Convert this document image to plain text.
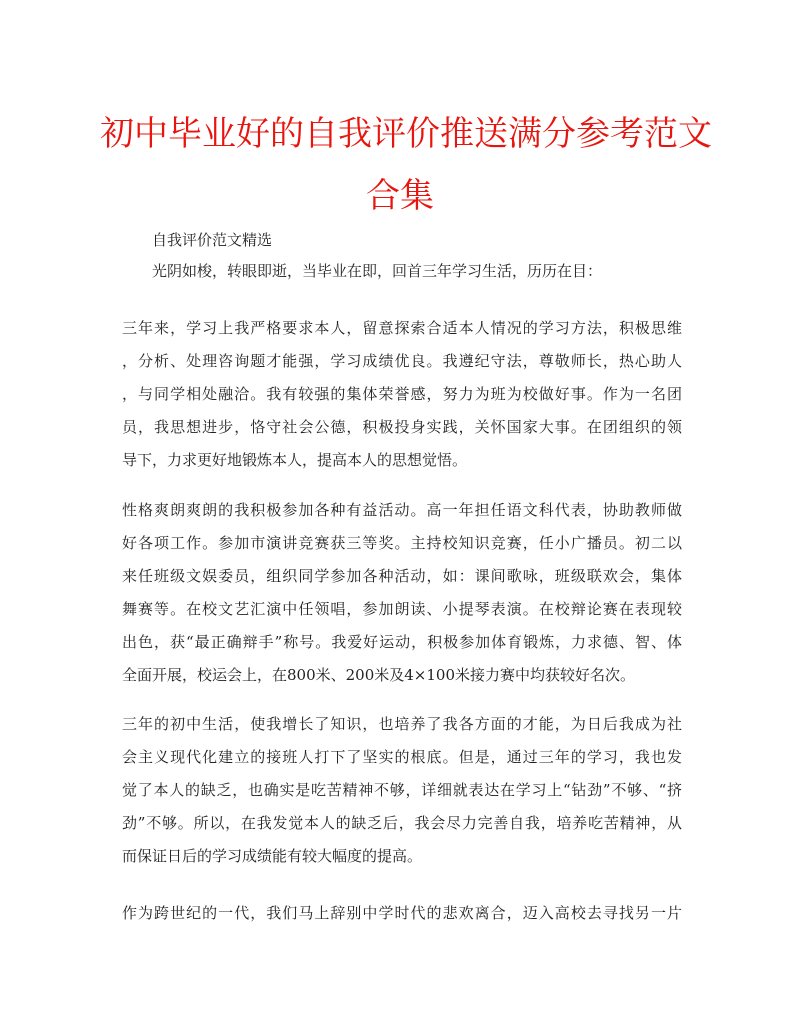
初中毕业好的自我评价推送满分参考范文
合集
自我评价范文精选
光阴如梭，转眼即逝，当毕业在即，回首三年学习生活，历历在目：
三年来，学习上我严格要求本人，留意探索合适本人情况的学习方法，积极思维
，分析、处理咨询题才能强，学习成绩优良。我遵纪守法，尊敬师长，热心助人
，与同学相处融洽。我有较强的集体荣誉感，努力为班为校做好事。作为一名团
员，我思想进步，恪守社会公德，积极投身实践，关怀国家大事。在团组织的领
导下，力求更好地锻炼本人，提高本人的思想觉悟。
性格爽朗爽朗的我积极参加各种有益活动。高一年担任语文科代表，协助教师做
好各项工作。参加市演讲竞赛获三等奖。主持校知识竞赛，任小广播员。初二以
来任班级文娱委员，组织同学参加各种活动，如：课间歌咏，班级联欢会，集体
舞赛等。在校文艺汇演中任领唱，参加朗读、小提琴表演。在校辩论赛在表现较
出色，获“最正确辩手”称号。我爱好运动，积极参加体育锻炼，力求德、智、体
全面开展，校运会上，在800米、200米及4×100米接力赛中均获较好名次。
三年的初中生活，使我增长了知识，也培养了我各方面的才能，为日后我成为社
会主义现代化建立的接班人打下了坚实的根底。但是，通过三年的学习，我也发
觉了本人的缺乏，也确实是吃苦精神不够，详细就表达在学习上“钻劲”不够、“挤
劲”不够。所以，在我发觉本人的缺乏后，我会尽力完善自我，培养吃苦精神，从
而保证日后的学习成绩能有较大幅度的提高。
作为跨世纪的一代，我们马上辞别中学时代的悲欢离合，迈入高校去寻找另一片
